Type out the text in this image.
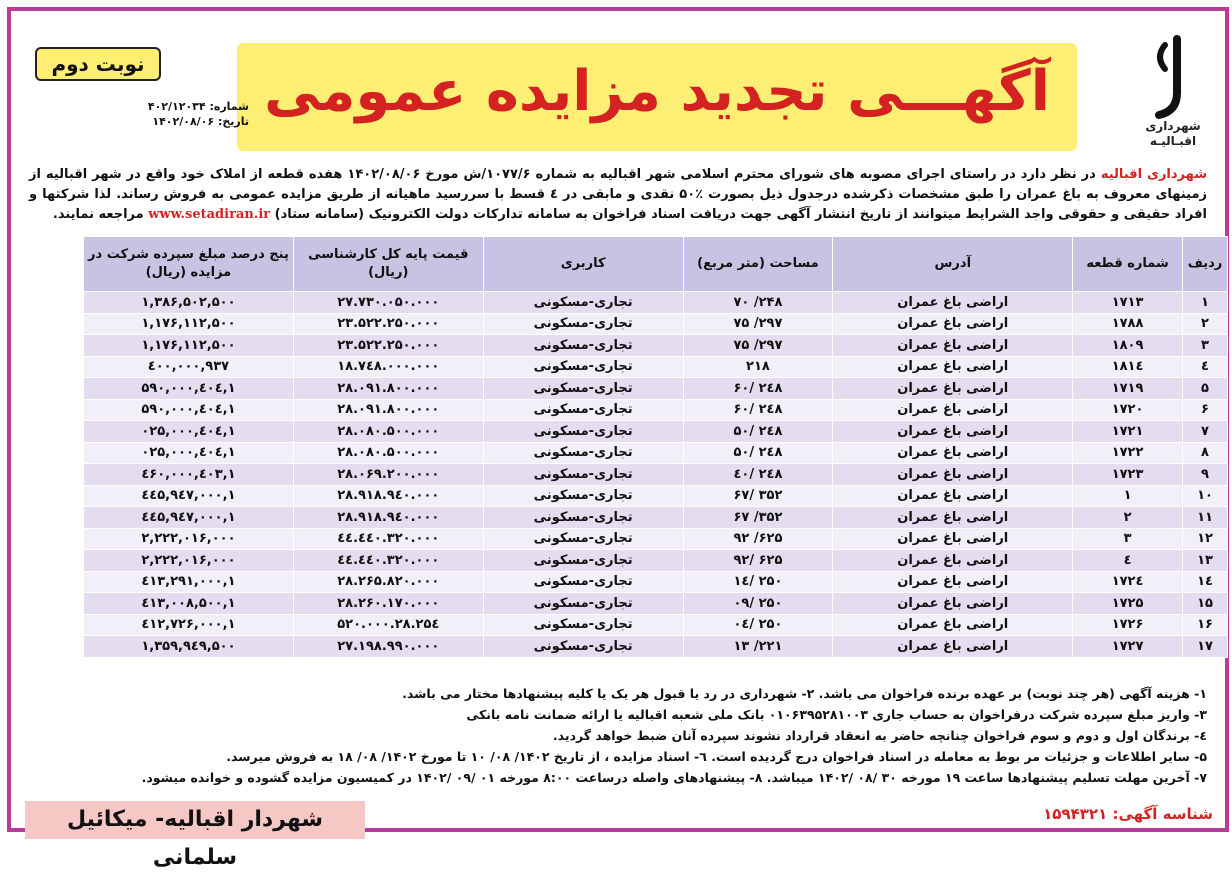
شهرداری
اقبـالیـه
آگهـــی تجدید مزایده عمومی
نوبت دوم
شماره: ۴۰۲/۱۲۰۳۴
تاریخ: ۱۴۰۲/۰۸/۰۶
شهرداری اقبالیه در نظر دارد در راستای اجرای مصوبه های شورای محترم اسلامی شهر اقبالیه به شماره ۱۰۷۷/۶/ش مورخ ۱۴۰۲/۰۸/۰۶ هفده قطعه از املاک خود واقع در شهر اقبالیه از زمینهای معروف به باغ عمران را طبق مشخصات ذکرشده درجدول ذیل بصورت ٪۵۰ نقدی و مابقی در ٤ قسط با سررسید ماهیانه از طریق مزایده عمومی به فروش رساند. لذا شرکتها و افراد حقیقی و حقوقی واجد الشرایط میتوانند از تاریخ انتشار آگهی جهت دریافت اسناد فراخوان به سامانه تدارکات دولت الکترونیک (سامانه ستاد) www.setadiran.ir مراجعه نمایند.
ردیف	شماره قطعه	آدرس	مساحت (متر مربع)	کاربری	قیمت پایه کل کارشناسی (ریال)	پنج درصد مبلغ سپرده شرکت در مزایده (ریال)
۱	۱۷۱۳	اراضی باغ عمران	۲۴۸/ ۷۰	تجاری-مسکونی	۲۷.۷۳۰.۰۵۰.۰۰۰	۱,۳۸۶,۵۰۲,۵۰۰
۲	۱۷۸۸	اراضی باغ عمران	۲۹۷/ ۷۵	تجاری-مسکونی	۲۳.۵۲۲.۲۵۰.۰۰۰	۱,۱۷۶,۱۱۲,۵۰۰
۳	۱۸۰۹	اراضی باغ عمران	۲۹۷/ ۷۵	تجاری-مسکونی	۲۳.۵۲۲.۲۵۰.۰۰۰	۱,۱۷۶,۱۱۲,۵۰۰
٤	۱۸۱٤	اراضی باغ عمران	۲۱۸	تجاری-مسکونی	۱۸.۷٤۸.۰۰۰.۰۰۰	۹۳۷,٤۰۰,۰۰۰
۵	۱۷۱۹	اراضی باغ عمران	۲٤۸ /۶۰	تجاری-مسکونی	۲۸.۰۹۱.۸۰۰.۰۰۰	۱,٤۰٤,۵۹۰,۰۰۰
۶	۱۷۲۰	اراضی باغ عمران	۲٤۸ /۶۰	تجاری-مسکونی	۲۸.۰۹۱.۸۰۰.۰۰۰	۱,٤۰٤,۵۹۰,۰۰۰
۷	۱۷۲۱	اراضی باغ عمران	۲٤۸ /۵۰	تجاری-مسکونی	۲۸.۰۸۰.۵۰۰.۰۰۰	۱,٤۰٤,۰۲۵,۰۰۰
۸	۱۷۲۲	اراضی باغ عمران	۲٤۸ /۵۰	تجاری-مسکونی	۲۸.۰۸۰.۵۰۰.۰۰۰	۱,٤۰٤,۰۲۵,۰۰۰
۹	۱۷۲۳	اراضی باغ عمران	۲٤۸ /٤۰	تجاری-مسکونی	۲۸.۰۶۹.۲۰۰.۰۰۰	۱,٤۰۳,٤۶۰,۰۰۰
۱۰	۱	اراضی باغ عمران	۳۵۲ /۶۷	تجاری-مسکونی	۲۸.۹۱۸.۹٤۰.۰۰۰	۱,٤٤۵,۹٤۷,۰۰۰
۱۱	۲	اراضی باغ عمران	۳۵۲/ ۶۷	تجاری-مسکونی	۲۸.۹۱۸.۹٤۰.۰۰۰	۱,٤٤۵,۹٤۷,۰۰۰
۱۲	۳	اراضی باغ عمران	۶۲۵/ ۹۲	تجاری-مسکونی	٤٤.٤٤۰.۳۲۰.۰۰۰	۲,۲۲۲,۰۱۶,۰۰۰
۱۳	٤	اراضی باغ عمران	۶۲۵ /۹۲	تجاری-مسکونی	٤٤.٤٤۰.۳۲۰.۰۰۰	۲,۲۲۲,۰۱۶,۰۰۰
۱٤	۱۷۲٤	اراضی باغ عمران	۲۵۰ /۱٤	تجاری-مسکونی	۲۸.۲۶۵.۸۲۰.۰۰۰	۱,٤۱۳,۲۹۱,۰۰۰
۱۵	۱۷۲۵	اراضی باغ عمران	۲۵۰ /۰۹	تجاری-مسکونی	۲۸.۲۶۰.۱۷۰.۰۰۰	۱,٤۱۳,۰۰۸,۵۰۰
۱۶	۱۷۲۶	اراضی باغ عمران	۲۵۰ /۰٤	تجاری-مسکونی	۲۸.۲۵٤.۵۲۰.۰۰۰	۱,٤۱۲,۷۲۶,۰۰۰
۱۷	۱۷۲۷	اراضی باغ عمران	۲۲۱/ ۱۳	تجاری-مسکونی	۲۷.۱۹۸.۹۹۰.۰۰۰	۱,۳۵۹,۹٤۹,۵۰۰

۱- هزینه آگهی (هر چند نوبت) بر عهده برنده فراخوان می باشد. ۲- شهرداری در رد یا قبول هر یک یا کلیه پیشنهادها مختار می باشد.

۳- واریز مبلغ سپرده شرکت درفراخوان به حساب جاری ۰۱۰۶۳۹۵۲۸۱۰۰۳ بانک ملی شعبه اقبالیه یا ارائه ضمانت نامه بانکی

٤- برندگان اول و دوم و سوم فراخوان چنانچه حاضر به انعقاد قرارداد نشوند سپرده آنان ضبط خواهد گردید.

۵- سایر اطلاعات و جزئیات مر بوط به معامله در اسناد فراخوان درج گردیده است. ٦- اسناد مزایده ، از تاریخ ۱۴۰۲/ ۰۸/ ۱۰ تا مورخ ۱۴۰۲/ ۰۸/ ۱۸ به فروش میرسد.

۷- آخرین مهلت تسلیم پیشنهادها ساعت ۱۹ مورخه ۳۰ /۰۸ /۱۴۰۲ میباشد. ۸- پیشنهادهای واصله درساعت ۸:۰۰ مورخه ۰۱ /۰۹ /۱۴۰۲ در کمیسیون مزایده گشوده و خوانده میشود.

شناسه آگهی: ۱۵۹۴۳۲۱
شهردار اقبالیه- میکائیل سلمانی
